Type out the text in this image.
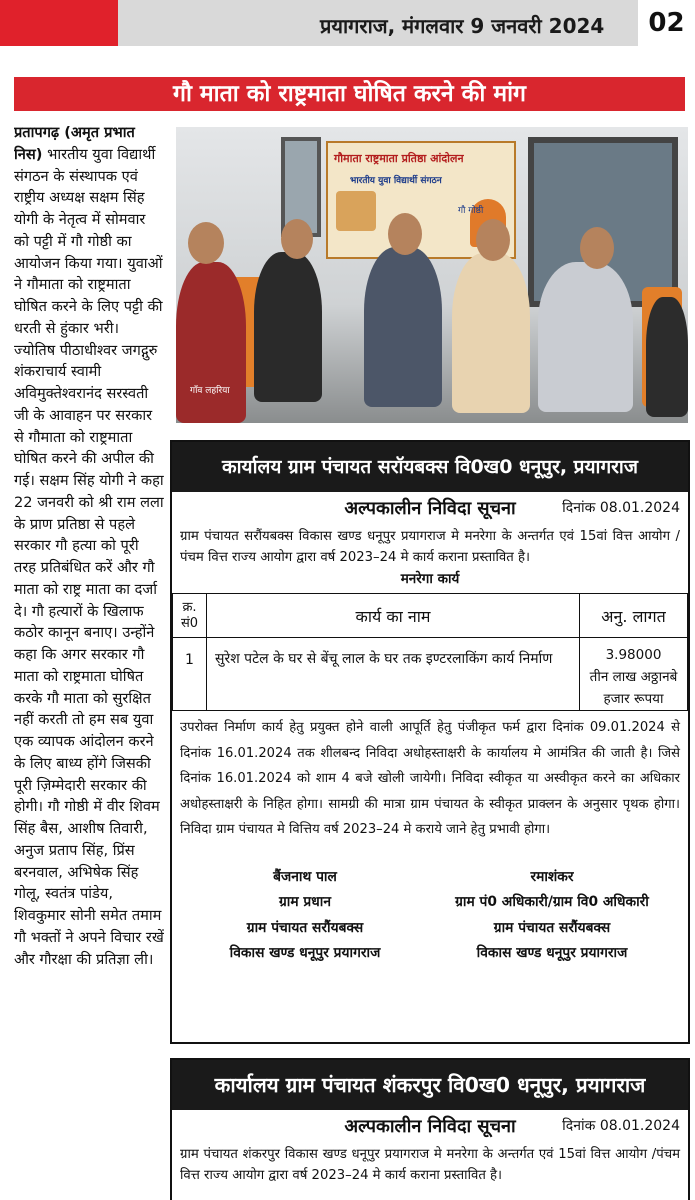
प्रयागराज, मंगलवार 9 जनवरी 2024	02
गौ माता को राष्ट्रमाता घोषित करने की मांग

प्रतापगढ़ (अमृत प्रभात निस) भारतीय युवा विद्यार्थी संगठन के संस्थापक एवं राष्ट्रीय अध्यक्ष सक्षम सिंह योगी के नेतृत्व में सोमवार को पट्टी में गौ गोष्ठी का आयोजन किया गया। युवाओं ने गौमाता को राष्ट्रमाता घोषित करने के लिए पट्टी की धरती से हुंकार भरी। ज्योतिष पीठाधीश्वर जगद्गुरु शंकराचार्य स्वामी अविमुक्तेश्वरानंद सरस्वती जी के आवाहन पर सरकार से गौमाता को राष्ट्रमाता घोषित करने की अपील की गई। सक्षम सिंह योगी ने कहा 22 जनवरी को श्री राम लला के प्राण प्रतिष्ठा से पहले सरकार गौ हत्या को पूरी तरह प्रतिबंधित करें और गौ माता को राष्ट्र माता का दर्जा दे। गौ हत्यारों के खिलाफ कठोर कानून बनाए। उन्होंने कहा कि अगर सरकार गौ माता को राष्ट्रमाता घोषित करके गौ माता को सुरक्षित नहीं करती तो हम सब युवा एक व्यापक आंदोलन करने के लिए बाध्य होंगे जिसकी पूरी ज़िम्मेदारी सरकार की होगी। गौ गोष्ठी में वीर शिवम सिंह बैस, आशीष तिवारी, अनुज प्रताप सिंह, प्रिंस बरनवाल, अभिषेक सिंह गोलू, स्वतंत्र पांडेय, शिवकुमार सोनी समेत तमाम गौ भक्तों ने अपने विचार रखें और गौरक्षा की प्रतिज्ञा ली।

गौमाता राष्ट्रमाता प्रतिष्ठा आंदोलन
भारतीय युवा विद्यार्थी संगठन
गौ गोष्ठी
गाँव लहरिया
कार्यालय ग्राम पंचायत सरॉयबक्स वि0ख0 धनूपुर, प्रयागराज
अल्पकालीन निविदा सूचना	दिनांक 08.01.2024
ग्राम पंचायत सरौंयबक्स विकास खण्ड धनूपुर प्रयागराज मे मनरेगा के अन्तर्गत एवं 15वां वित्त आयोग /पंचम वित्त राज्य आयोग द्वारा वर्ष 2023–24 मे कार्य कराना प्रस्तावित है।
मनरेगा कार्य
क्र. सं0	कार्य का नाम	अनु. लागत
1	सुरेश पटेल के घर से बेंचू लाल के घर तक इण्टरलाकिंग कार्य निर्माण	3.98000
तीन लाख अठ्ठानबे हजार रूपया
उपरोक्त निर्माण कार्य हेतु प्रयुक्त होने वाली आपूर्ति हेतु पंजीकृत फर्म द्वारा दिनांक 09.01.2024 से दिनांक 16.01.2024 तक शीलबन्द निविदा अधोहस्ताक्षरी के कार्यालय मे आमंत्रित की जाती है। जिसे दिनांक 16.01.2024 को शाम 4 बजे खोली जायेगी। निविदा स्वीकृत या अस्वीकृत करने का अधिकार अधोहस्ताक्षरी के निहित होगा। सामग्री की मात्रा ग्राम पंचायत के स्वीकृत प्राक्लन के अनुसार पृथक होगा। निविदा ग्राम पंचायत मे वित्तिय वर्ष 2023–24 मे कराये जाने हेतु प्रभावी होगा।
बैंजनाथ पाल
ग्राम प्रधान
ग्राम पंचायत सरौंयबक्स
विकास खण्ड धनूपुर प्रयागराज
रमाशंकर
ग्राम पं0 अधिकारी/ग्राम वि0 अधिकारी
ग्राम पंचायत सरौंयबक्स
विकास खण्ड धनूपुर प्रयागराज
कार्यालय ग्राम पंचायत शंकरपुर वि0ख0 धनूपुर, प्रयागराज
अल्पकालीन निविदा सूचना	दिनांक 08.01.2024
ग्राम पंचायत शंकरपुर विकास खण्ड धनूपुर प्रयागराज मे मनरेगा के अन्तर्गत एवं 15वां वित्त आयोग /पंचम वित्त राज्य आयोग द्वारा वर्ष 2023–24 मे कार्य कराना प्रस्तावित है।
